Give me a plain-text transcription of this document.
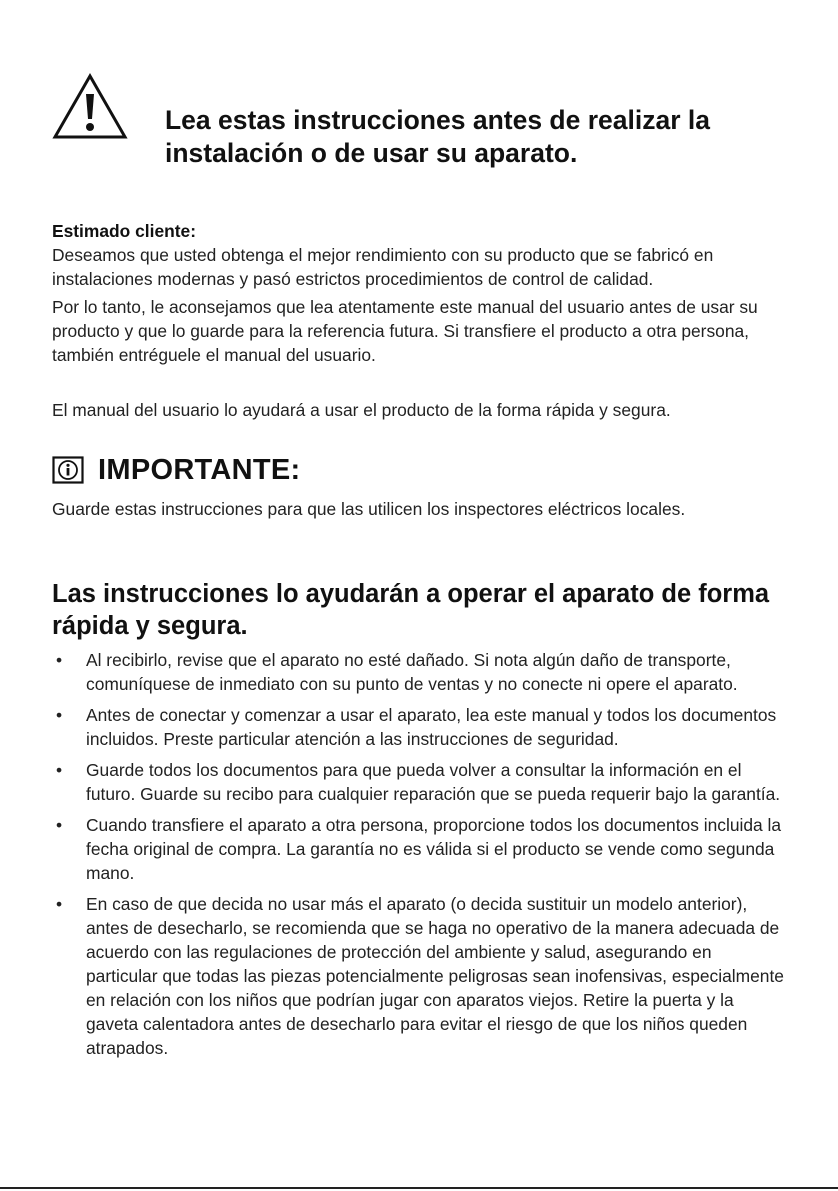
Lea estas instrucciones antes de realizar la instalación o de usar su aparato.
Estimado cliente:
Deseamos que usted obtenga el mejor rendimiento con su producto que se fabricó en instalaciones modernas y pasó estrictos procedimientos de control de calidad.
Por lo tanto, le aconsejamos que lea atentamente este manual del usuario antes de usar su producto y que lo guarde para la referencia futura. Si transfiere el producto a otra persona, también entréguele el manual del usuario.
El manual del usuario lo ayudará a usar el producto de la forma rápida y segura.
IMPORTANTE:
Guarde estas instrucciones para que las utilicen los inspectores eléctricos locales.
Las instrucciones lo ayudarán a operar el aparato de forma rápida y segura.
• Al recibirlo, revise que el aparato no esté dañado. Si nota algún daño de transporte, comuníquese de inmediato con su punto de ventas y no conecte ni opere el aparato.
• Antes de conectar y comenzar a usar el aparato, lea este manual y todos los documentos incluidos. Preste particular atención a las instrucciones de seguridad.
• Guarde todos los documentos para que pueda volver a consultar la información en el futuro. Guarde su recibo para cualquier reparación que se pueda requerir bajo la garantía.
• Cuando transfiere el aparato a otra persona, proporcione todos los documentos incluida la fecha original de compra. La garantía no es válida si el producto se vende como segunda mano.
• En caso de que decida no usar más el aparato (o decida sustituir un modelo anterior), antes de desecharlo, se recomienda que se haga no operativo de la manera adecuada de acuerdo con las regulaciones de protección del ambiente y salud, asegurando en particular que todas las piezas potencialmente peligrosas sean inofensivas, especialmente en relación con los niños que podrían jugar con aparatos viejos. Retire la puerta y la gaveta calentadora antes de desecharlo para evitar el riesgo de que los niños queden atrapados.
